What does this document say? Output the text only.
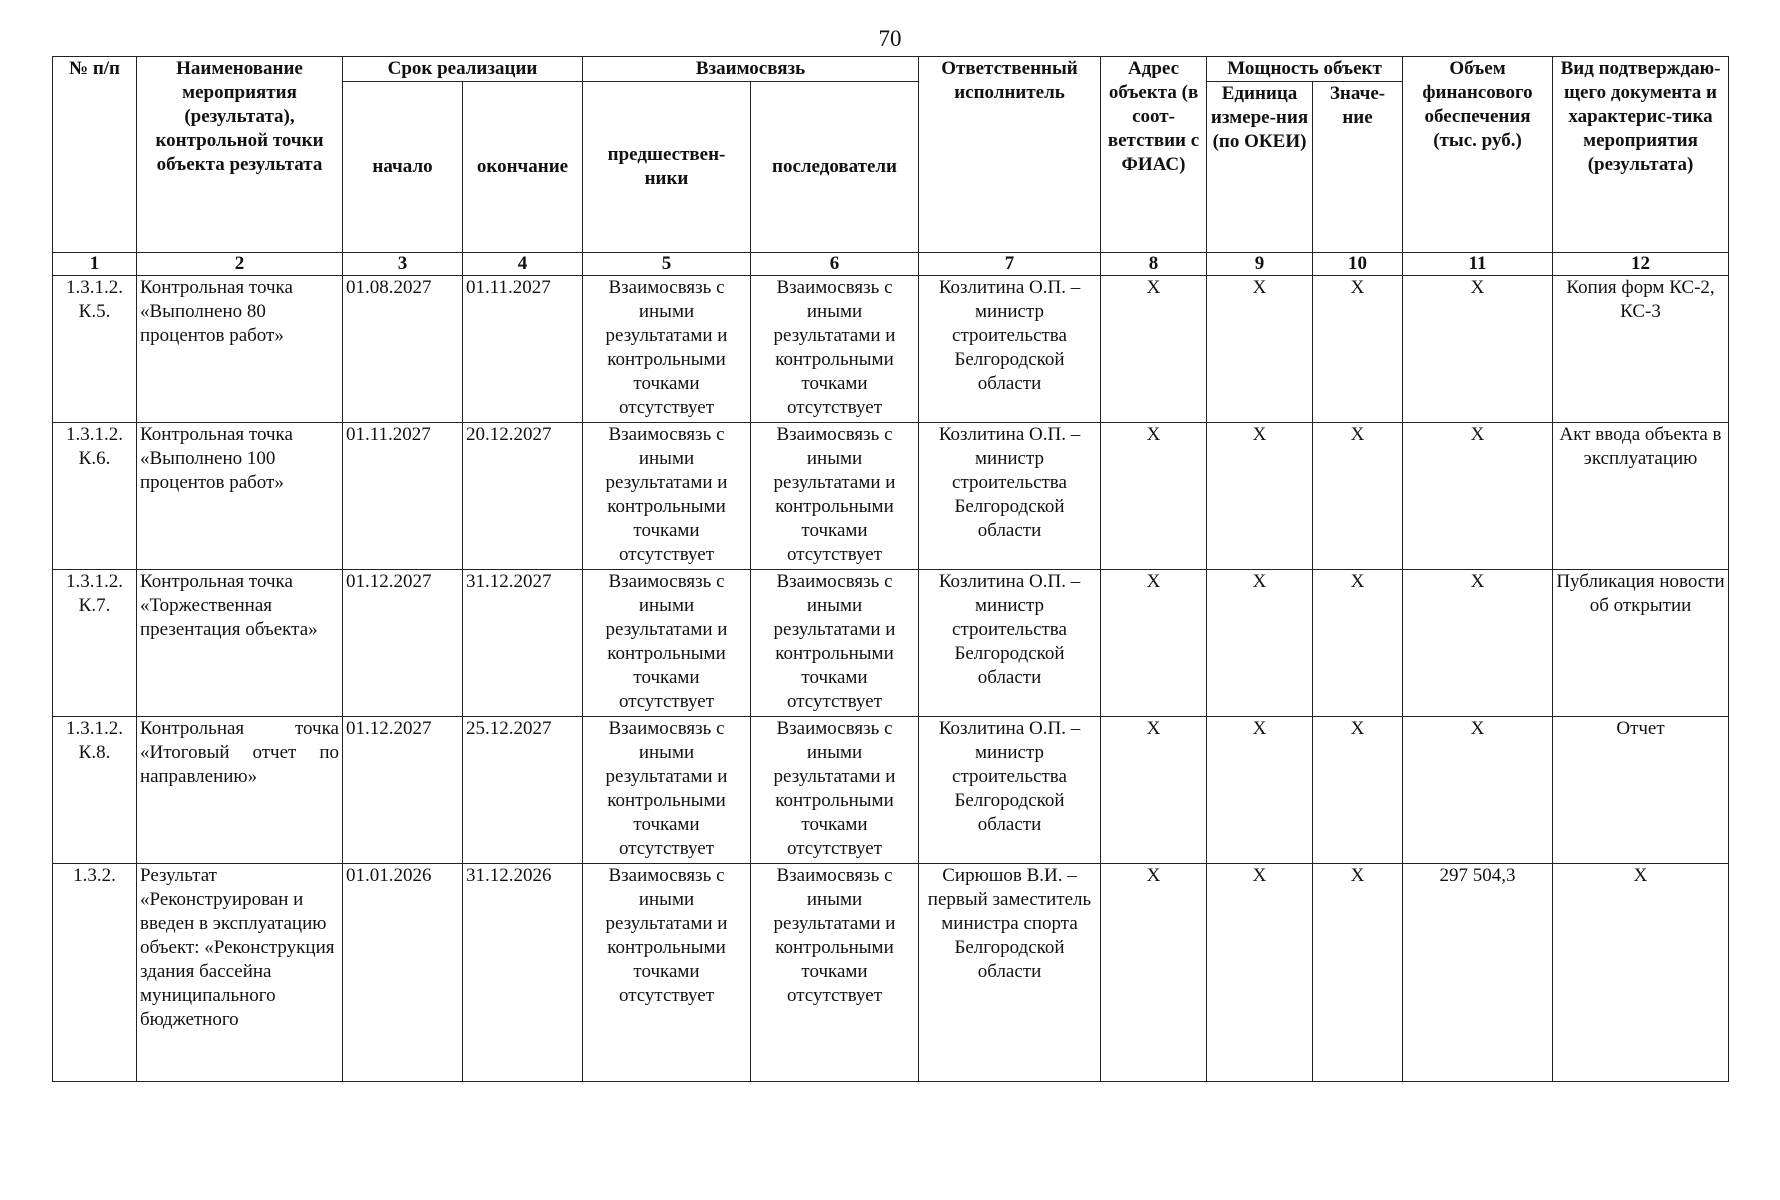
70
№ п/п	Наименование мероприятия (результата), контрольной точки объекта результата	Срок реализации		Взаимосвязь		Ответственный исполнитель	Адрес объекта (в соот-ветствии с ФИАС)	Мощность объект		Объем финансового обеспечения (тыс. руб.)	Вид подтверждаю-щего документа и характерис-тика мероприятия (результата)
		начало	окончание	предшествен-ники	последователи			Единица измере-ния (по ОКЕИ)	Значе-ние		
1	2	3	4	5	6	7	8	9	10	11	12
1.3.1.2. К.5.	Контрольная точка «Выполнено 80 процентов работ»	01.08.2027	01.11.2027	Взаимосвязь с иными результатами и контрольными точками отсутствует	Взаимосвязь с иными результатами и контрольными точками отсутствует	Козлитина О.П. – министр строительства Белгородской области	X	X	X	X	Копия форм КС-2, КС-3
1.3.1.2. К.6.	Контрольная точка «Выполнено 100 процентов работ»	01.11.2027	20.12.2027	Взаимосвязь с иными результатами и контрольными точками отсутствует	Взаимосвязь с иными результатами и контрольными точками отсутствует	Козлитина О.П. – министр строительства Белгородской области	X	X	X	X	Акт ввода объекта в эксплуатацию
1.3.1.2. К.7.	Контрольная точка «Торжественная презентация объекта»	01.12.2027	31.12.2027	Взаимосвязь с иными результатами и контрольными точками отсутствует	Взаимосвязь с иными результатами и контрольными точками отсутствует	Козлитина О.П. – министр строительства Белгородской области	X	X	X	X	Публикация новости об открытии
1.3.1.2. К.8.	Контрольная точка «Итоговый отчет по направлению»	01.12.2027	25.12.2027	Взаимосвязь с иными результатами и контрольными точками отсутствует	Взаимосвязь с иными результатами и контрольными точками отсутствует	Козлитина О.П. – министр строительства Белгородской области	X	X	X	X	Отчет
1.3.2.	Результат «Реконструирован и введен в эксплуатацию объект: «Реконструкция здания бассейна муниципального бюджетного	01.01.2026	31.12.2026	Взаимосвязь с иными результатами и контрольными точками отсутствует	Взаимосвязь с иными результатами и контрольными точками отсутствует	Сирюшов В.И. – первый заместитель министра спорта Белгородской области	X	X	X	297 504,3	X
